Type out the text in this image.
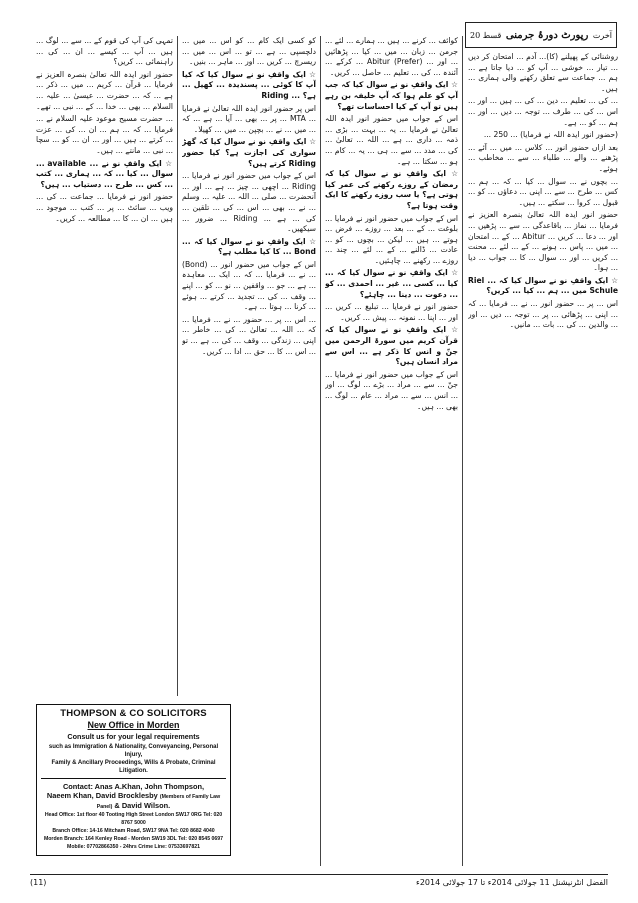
آخرت
رپورٹ دورۂ جرمنی
قسط 20

روشنائی کے پھیلنے (کا)... آدم ... امتحان کر دیں ... تیار ... خوشی ... آپ کو ... دیا جاتا ہے ... ہم ... جماعت سے تعلق رکھنے والی ہماری ... ہیں۔

... کی ... تعلیم ... دین ... کی ... ہیں ... اور ... اس ... کی ... طرف ... توجہ ... دیں ... اور ... ہم ... کو ... ہے۔

(حضور انور ایدہ اللہ نے فرمایا) ... 250 ...

بعد ازاں حضور انور ... کلاس ... میں ... آئے ... پڑھنے ... والے ... طلباء ... سے ... مخاطب ... ہوئے۔

... بچوں نے ... سوال ... کیا ... کہ ... ہم ... کس ... طرح ... سے ... اپنی ... دعاؤں ... کو ... قبول ... کروا ... سکتے ... ہیں۔

حضور انور ایدہ اللہ تعالیٰ بنصرہ العزیز نے فرمایا ... نماز ... باقاعدگی ... سے ... پڑھیں ... اور ... دعا ... کریں ... Abitur ... کے ... امتحان ... میں ... پاس ... ہونے ... کے ... لئے ... محنت ... کریں ... اور ... سوال ... کا ... جواب ... دیا ... ہوا۔

☆ ایک واقفِ نو نے سوال کیا کہ ... Riel Schule میں ... ہم ... کیا ... کریں؟

اس ... پر ... حضور انور ... نے ... فرمایا ... کہ ... اپنی ... پڑھائی ... پر ... توجہ ... دیں ... اور ... والدین ... کی ... بات ... مانیں۔

کوائف ... کرنے ... ہیں ... ہمارے ... لئے ... جرمن ... زبان ... میں ... کیا ... پڑھائیں ... اور ... Abitur (Prefer) ... کرکے ... آئندہ ... کی ... تعلیم ... حاصل ... کریں۔

☆ ایک واقفِ نو نے سوال کیا کہ جب آپ کو علم ہوا کہ آپ خلیفہ بن رہے ہیں تو آپ کے کیا احساسات تھے؟

اس کے جواب میں حضور انور ایدہ اللہ تعالیٰ نے فرمایا ... یہ ... بہت ... بڑی ... ذمہ ... داری ... ہے ... اللہ ... تعالیٰ ... کی ... مدد ... سے ... ہی ... یہ ... کام ... ہو ... سکتا ... ہے۔

☆ ایک واقفِ نو نے سوال کیا کہ رمضان کے روزے رکھنے کی عمر کیا ہوتی ہے؟ یا سب روزے رکھنے کا ایک وقت ہوتا ہے؟

اس کے جواب میں حضور انور نے فرمایا ... بلوغت ... کے ... بعد ... روزے ... فرض ... ہوتے ... ہیں ... لیکن ... بچوں ... کو ... عادت ... ڈالنے ... کے ... لئے ... چند ... روزے ... رکھنے ... چاہئیں۔

☆ ایک واقفِ نو نے سوال کیا کہ ... کیا ... کسی ... غیر ... احمدی ... کو ... دعوت ... دینا ... چاہئے؟

حضور انور نے فرمایا ... تبلیغ ... کریں ... اور ... اپنا ... نمونہ ... پیش ... کریں۔

☆ ایک واقفِ نو نے سوال کیا کہ قرآن کریم میں سورۃ الرحمن میں جنّ و انس کا ذکر ہے ... اس سے مراد انسان ہیں؟

اس کے جواب میں حضور انور نے فرمایا ... جنّ ... سے ... مراد ... بڑے ... لوگ ... اور ... انس ... سے ... مراد ... عام ... لوگ ... بھی ... ہیں۔

کو کسی ایک کام ... کو اس ... میں ... دلچسپی ... ہے ... تو ... اس ... میں ... ریسرچ ... کریں ... اور ... ماہر ... بنیں۔

☆ ایک واقفِ نو نے سوال کیا کہ کیا آپ کا کوئی ... پسندیدہ ... کھیل ... ہے؟ ... Riding

اس پر حضور انور ایدہ اللہ تعالیٰ نے فرمایا ... MTA ... پر ... بھی ... آیا ... ہے ... کہ ... میں ... نے ... بچپن ... میں ... کھیلا۔

☆ ایک واقفِ نو نے سوال کیا کہ گھڑ سواری کی اجازت ہے؟ کیا حضور Riding کرتے ہیں؟

اس کے جواب میں حضور انور نے فرمایا ... Riding ... اچھی ... چیز ... ہے ... اور ... آنحضرت ... صلی ... اللہ ... علیہ ... وسلم ... نے ... بھی ... اس ... کی ... تلقین ... کی ... ہے ... Riding ... ضرور ... سیکھیں۔

☆ ایک واقفِ نو نے سوال کیا کہ ... Bond ... کا کیا مطلب ہے؟

اس کے جواب میں حضور انور ... (Bond) ... نے ... فرمایا ... کہ ... ایک ... معاہدہ ... ہے ... جو ... واقفین ... نو ... کو ... اپنے ... وقف ... کی ... تجدید ... کرتے ... ہوئے ... کرنا ... ہوتا ... ہے۔

... اس ... پر ... حضور ... نے ... فرمایا ... کہ ... اللہ ... تعالیٰ ... کی ... خاطر ... اپنی ... زندگی ... وقف ... کی ... ہے ... تو ... اس ... کا ... حق ... ادا ... کریں۔

تمہی کی آپ کی قوم کے ... سے ... لوگ ... ہیں ... آپ ... کیسے ... ان ... کی ... راہنمائی ... کریں؟

حضور انور ایدہ اللہ تعالیٰ بنصرہ العزیز نے فرمایا ... قرآن ... کریم ... میں ... ذکر ... ہے ... کہ ... حضرت ... عیسیٰ ... علیہ ... السلام ... بھی ... خدا ... کے ... نبی ... تھے۔

... حضرت مسیح موعود علیہ السلام نے ... فرمایا ... کہ ... ہم ... ان ... کی ... عزت ... کرتے ... ہیں ... اور ... ان ... کو ... سچا ... نبی ... مانتے ... ہیں۔

☆ ایک واقفِ نو نے ... available ... سوال ... کیا ... کہ ... ہماری ... کتب ... کس ... طرح ... دستیاب ... ہیں؟

حضور انور نے فرمایا ... جماعت ... کی ... ویب ... سائٹ ... پر ... کتب ... موجود ... ہیں ... ان ... کا ... مطالعہ ... کریں۔

THOMPSON & CO SOLICITORS
New Office in Morden
Consult us for your legal requirements
such as Immigration & Nationality, Conveyancing, Personal Injury,
Family & Ancillary Proceedings, Wills & Probate, Criminal Litigation.
Contact: Anas A.Khan, John Thompson,
Naeem Khan, David Brocklesby (Members of Family Law Panel) & David Wilson.
Head Office: 1st floor 40 Tooting High Street London SW17 0RG Tel: 020 8767 5000
Branch Office: 14-16 Mitcham Road, SW17 9NA Tel: 020 8682 4040
Morden Branch: 164 Kenley Road - Morden SW19 3DL Tel: 020 8545 0697
Mobile: 07702866350 - 24hrs Crime Line: 07533697821
(11)	الفضل انٹرنیشنل 11 جولائی 2014ء تا 17 جولائی 2014ء
